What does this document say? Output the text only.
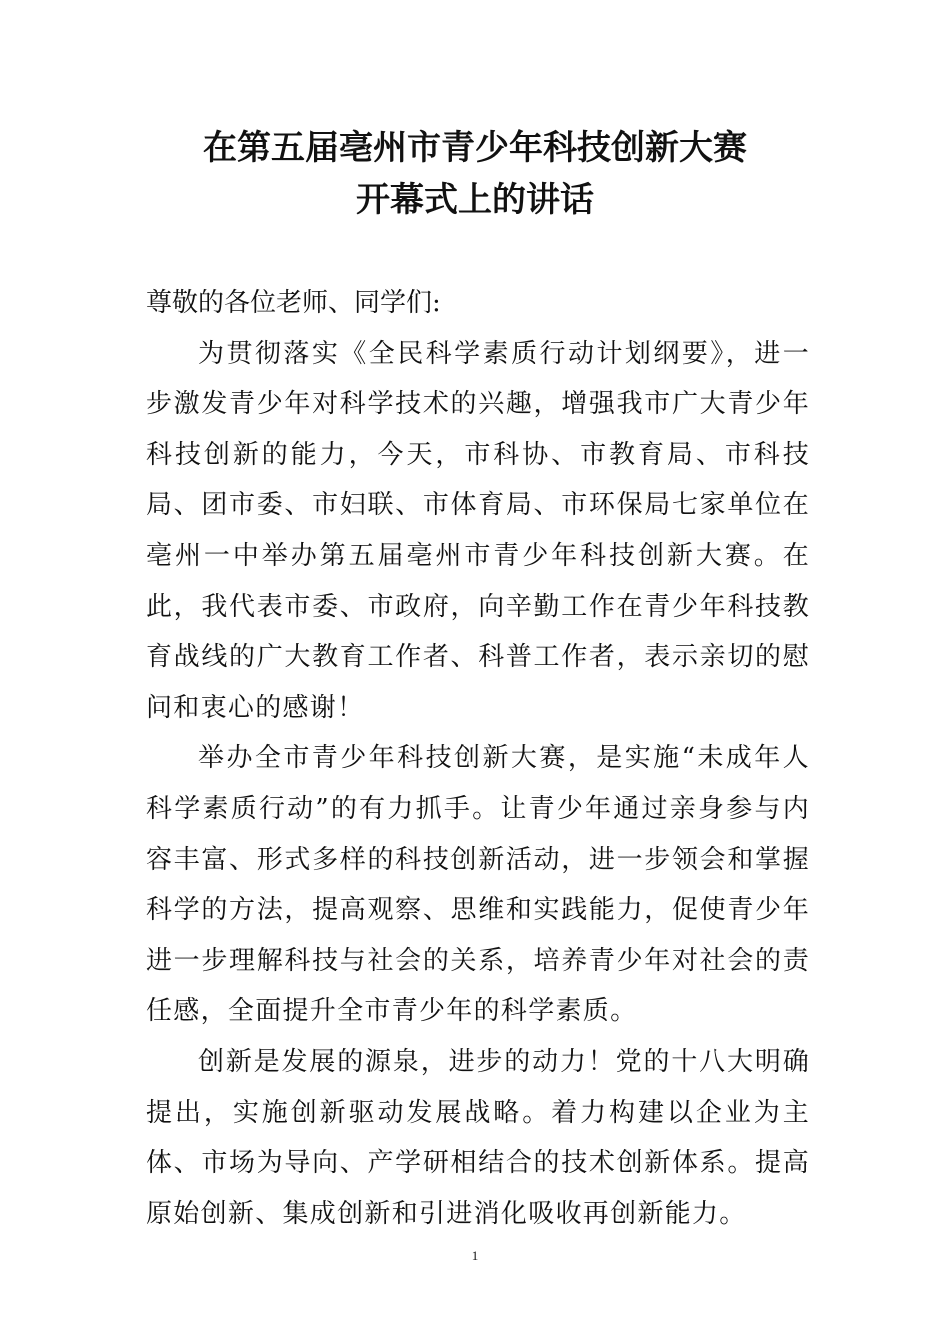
在第五届亳州市青少年科技创新大赛
开幕式上的讲话

尊敬的各位老师、同学们:

为贯彻落实《全民科学素质行动计划纲要》，进一步激发青少年对科学技术的兴趣，增强我市广大青少年科技创新的能力，今天，市科协、市教育局、市科技局、团市委、市妇联、市体育局、市环保局七家单位在亳州一中举办第五届亳州市青少年科技创新大赛。在此，我代表市委、市政府，向辛勤工作在青少年科技教育战线的广大教育工作者、科普工作者，表示亲切的慰问和衷心的感谢！

举办全市青少年科技创新大赛，是实施“未成年人科学素质行动”的有力抓手。让青少年通过亲身参与内容丰富、形式多样的科技创新活动，进一步领会和掌握科学的方法，提高观察、思维和实践能力，促使青少年进一步理解科技与社会的关系，培养青少年对社会的责任感，全面提升全市青少年的科学素质。

创新是发展的源泉，进步的动力！党的十八大明确提出，实施创新驱动发展战略。着力构建以企业为主体、市场为导向、产学研相结合的技术创新体系。提高原始创新、集成创新和引进消化吸收再创新能力。

1
